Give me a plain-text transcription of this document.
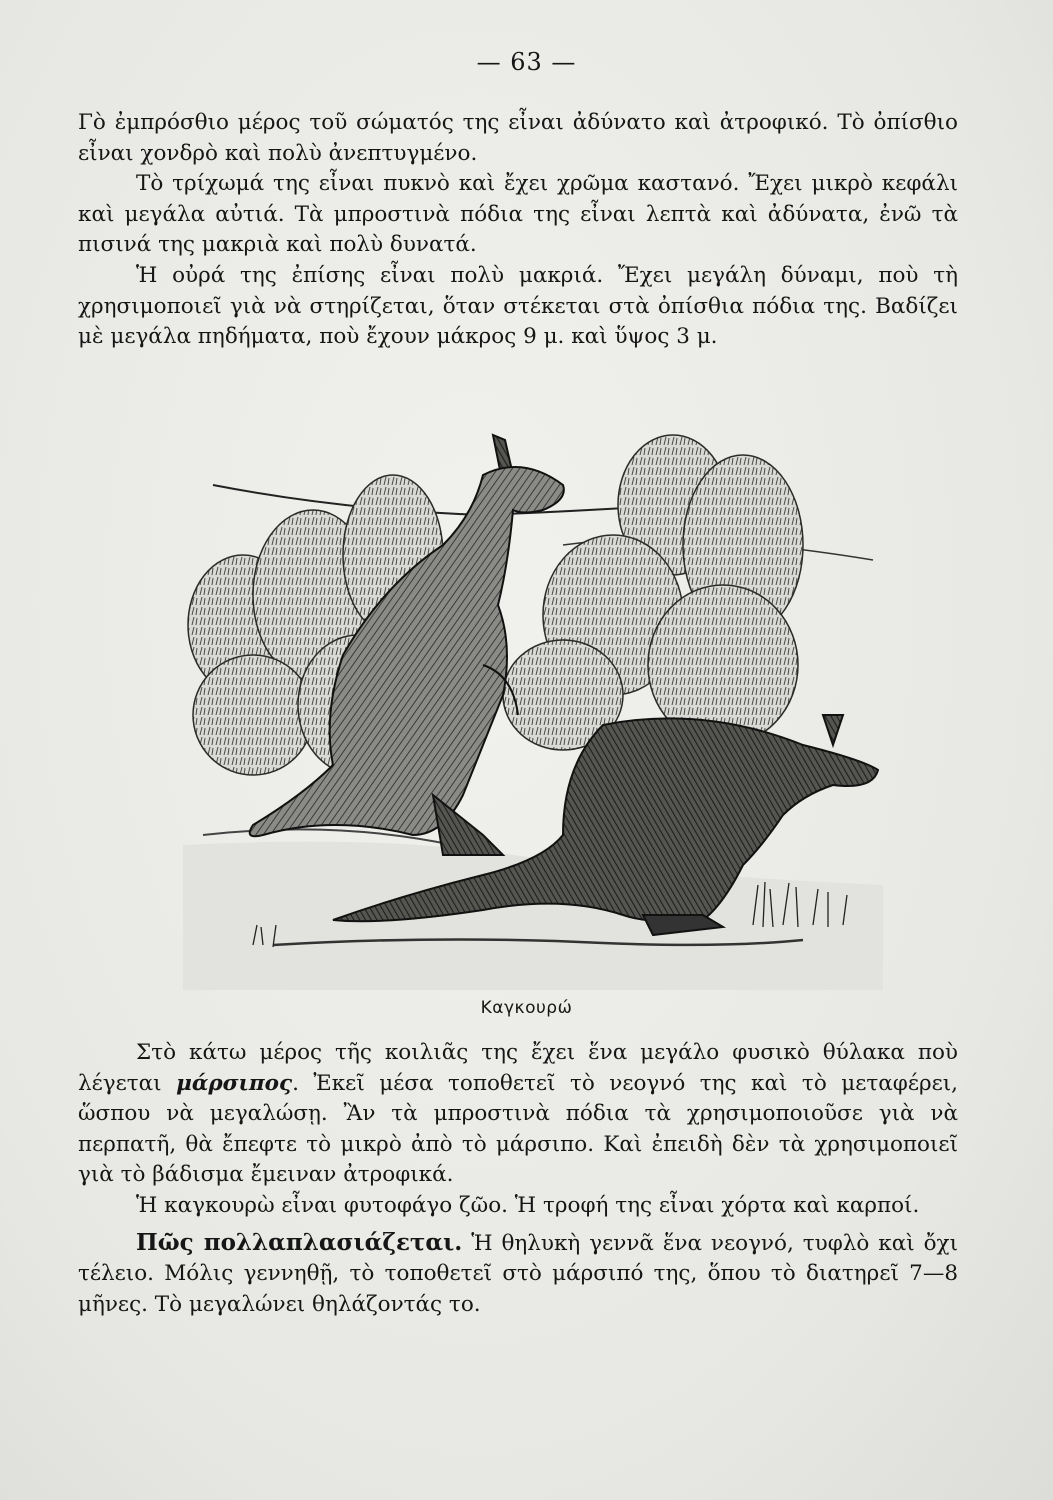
— 63 —

Γὸ ἐμπρόσθιο μέρος τοῦ σώματός της εἶναι ἀδύνατο καὶ ἀτροφικό. Τὸ ὀπίσθιο εἶναι χονδρὸ καὶ πολὺ ἀνεπτυγμένο.

Τὸ τρίχωμά της εἶναι πυκνὸ καὶ ἔχει χρῶμα καστανό. Ἔχει μικρὸ κεφάλι καὶ μεγάλα αὐτιά. Τὰ μπροστινὰ πόδια της εἶναι λεπτὰ καὶ ἀδύνατα, ἐνῶ τὰ πισινά της μακριὰ καὶ πολὺ δυνατά.

Ἡ οὐρά της ἐπίσης εἶναι πολὺ μακριά. Ἔχει μεγάλη δύναμι, ποὺ τὴ χρησιμοποιεῖ γιὰ νὰ στηρίζεται, ὅταν στέκεται στὰ ὀπίσθια πόδια της. Βαδίζει μὲ μεγάλα πηδήματα, ποὺ ἔχουν μάκρος 9 μ. καὶ ὕψος 3 μ.

Καγκουρώ

Στὸ κάτω μέρος τῆς κοιλιᾶς της ἔχει ἕνα μεγάλο φυσικὸ θύλακα ποὺ λέγεται μάρσιπος. Ἐκεῖ μέσα τοποθετεῖ τὸ νεογνό της καὶ τὸ μεταφέρει, ὥσπου νὰ μεγαλώσῃ. Ἂν τὰ μπροστινὰ πόδια τὰ χρησιμοποιοῦσε γιὰ νὰ περπατῆ, θὰ ἔπεφτε τὸ μικρὸ ἀπὸ τὸ μάρσιπο. Καὶ ἐπειδὴ δὲν τὰ χρησιμοποιεῖ γιὰ τὸ βάδισμα ἔμειναν ἀτροφικά.

Ἡ καγκουρὼ εἶναι φυτοφάγο ζῶο. Ἡ τροφή της εἶναι χόρτα καὶ καρποί.

Πῶς πολλαπλασιάζεται. Ἡ θηλυκὴ γεννᾶ ἕνα νεογνό, τυφλὸ καὶ ὄχι τέλειο. Μόλις γεννηθῇ, τὸ τοποθετεῖ στὸ μάρσιπό της, ὅπου τὸ διατηρεῖ 7—8 μῆνες. Τὸ μεγαλώνει θηλάζοντάς το.
